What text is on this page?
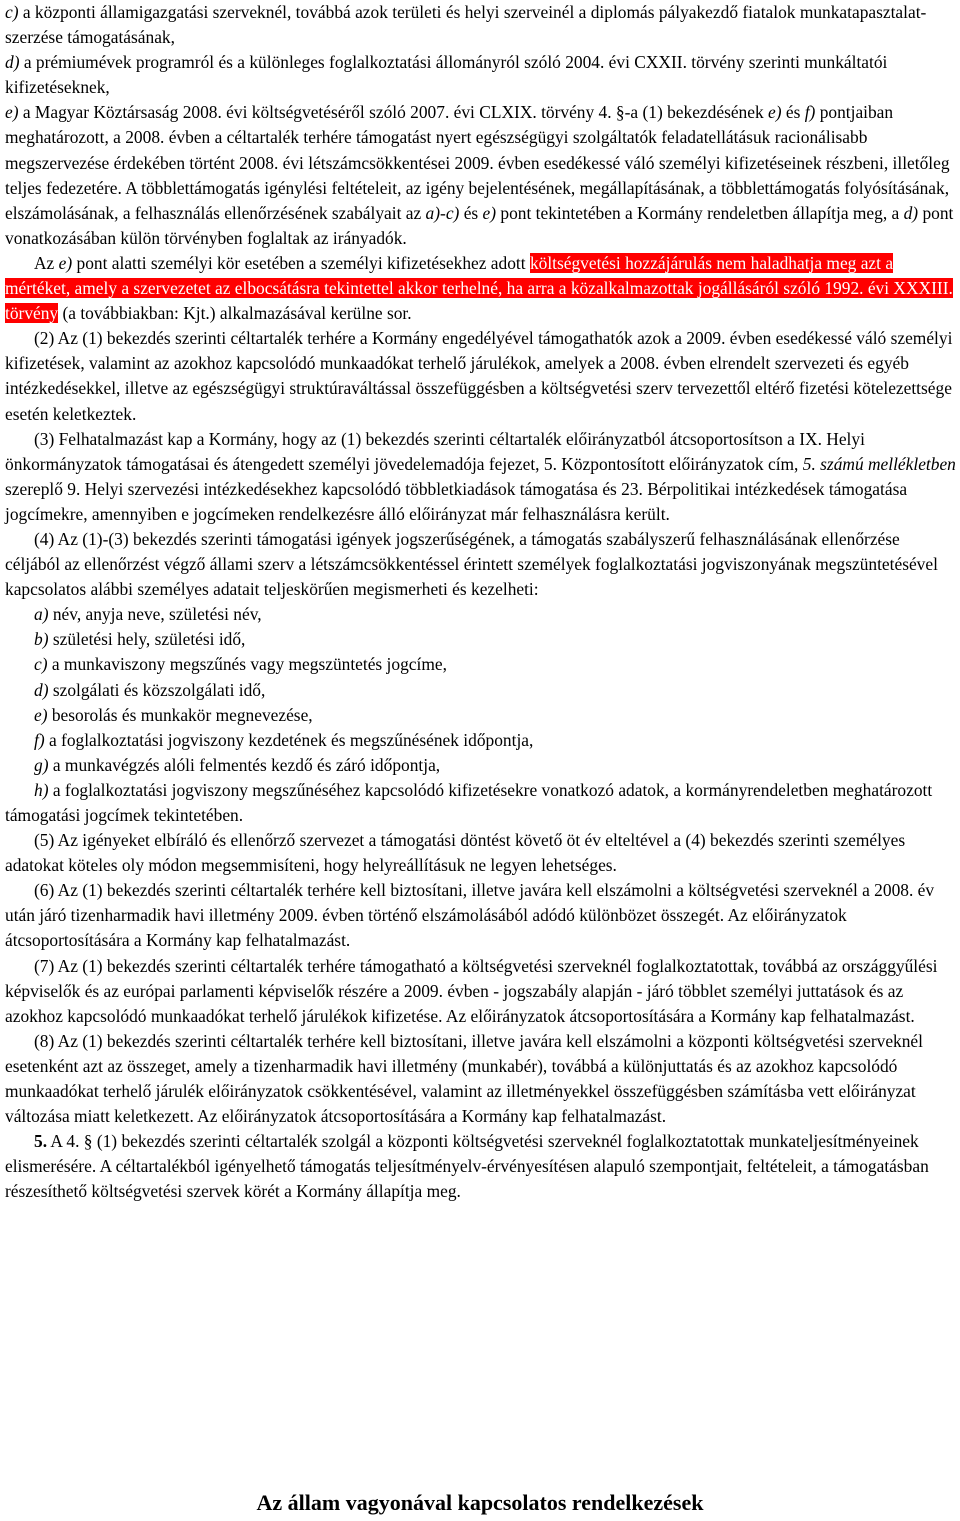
c) a központi államigazgatási szerveknél, továbbá azok területi és helyi szerveinél a diplomás pályakezdő fiatalok munkatapasztalat-szerzése támogatásának,

d) a prémiumévek programról és a különleges foglalkoztatási állományról szóló 2004. évi CXXII. törvény szerinti munkáltatói kifizetéseknek,

e) a Magyar Köztársaság 2008. évi költségvetéséről szóló 2007. évi CLXIX. törvény 4. §-a (1) bekezdésének e) és f) pontjaiban meghatározott, a 2008. évben a céltartalék terhére támogatást nyert egészségügyi szolgáltatók feladatellátásuk racionálisabb megszervezése érdekében történt 2008. évi létszámcsökkentései 2009. évben esedékessé váló személyi kifizetéseinek részbeni, illetőleg teljes fedezetére. A többlettámogatás igénylési feltételeit, az igény bejelentésének, megállapításának, a többlettámogatás folyósításának, elszámolásának, a felhasználás ellenőrzésének szabályait az a)-c) és e) pont tekintetében a Kormány rendeletben állapítja meg, a d) pont vonatkozásában külön törvényben foglaltak az irányadók.

Az e) pont alatti személyi kör esetében a személyi kifizetésekhez adott költségvetési hozzájárulás nem haladhatja meg azt a mértéket, amely a szervezetet az elbocsátásra tekintettel akkor terhelné, ha arra a közalkalmazottak jogállásáról szóló 1992. évi XXXIII. törvény (a továbbiakban: Kjt.) alkalmazásával kerülne sor.

(2) Az (1) bekezdés szerinti céltartalék terhére a Kormány engedélyével támogathatók azok a 2009. évben esedékessé váló személyi kifizetések, valamint az azokhoz kapcsolódó munkaadókat terhelő járulékok, amelyek a 2008. évben elrendelt szervezeti és egyéb intézkedésekkel, illetve az egészségügyi struktúraváltással összefüggésben a költségvetési szerv tervezettől eltérő fizetési kötelezettsége esetén keletkeztek.

(3) Felhatalmazást kap a Kormány, hogy az (1) bekezdés szerinti céltartalék előirányzatból átcsoportosítson a IX. Helyi önkormányzatok támogatásai és átengedett személyi jövedelemadója fejezet, 5. Központosított előirányzatok cím, 5. számú mellékletben szereplő 9. Helyi szervezési intézkedésekhez kapcsolódó többletkiadások támogatása és 23. Bérpolitikai intézkedések támogatása jogcímekre, amennyiben e jogcímeken rendelkezésre álló előirányzat már felhasználásra került.

(4) Az (1)-(3) bekezdés szerinti támogatási igények jogszerűségének, a támogatás szabályszerű felhasználásának ellenőrzése céljából az ellenőrzést végző állami szerv a létszámcsökkentéssel érintett személyek foglalkoztatási jogviszonyának megszüntetésével kapcsolatos alábbi személyes adatait teljeskörűen megismerheti és kezelheti:

a) név, anyja neve, születési név,

b) születési hely, születési idő,

c) a munkaviszony megszűnés vagy megszüntetés jogcíme,

d) szolgálati és közszolgálati idő,

e) besorolás és munkakör megnevezése,

f) a foglalkoztatási jogviszony kezdetének és megszűnésének időpontja,

g) a munkavégzés alóli felmentés kezdő és záró időpontja,

h) a foglalkoztatási jogviszony megszűnéséhez kapcsolódó kifizetésekre vonatkozó adatok, a kormányrendeletben meghatározott támogatási jogcímek tekintetében.

(5) Az igényeket elbíráló és ellenőrző szervezet a támogatási döntést követő öt év elteltével a (4) bekezdés szerinti személyes adatokat köteles oly módon megsemmisíteni, hogy helyreállításuk ne legyen lehetséges.

(6) Az (1) bekezdés szerinti céltartalék terhére kell biztosítani, illetve javára kell elszámolni a költségvetési szerveknél a 2008. év után járó tizenharmadik havi illetmény 2009. évben történő elszámolásából adódó különbözet összegét. Az előirányzatok átcsoportosítására a Kormány kap felhatalmazást.

(7) Az (1) bekezdés szerinti céltartalék terhére támogatható a költségvetési szerveknél foglalkoztatottak, továbbá az országgyűlési képviselők és az európai parlamenti képviselők részére a 2009. évben - jogszabály alapján - járó többlet személyi juttatások és az azokhoz kapcsolódó munkaadókat terhelő járulékok kifizetése. Az előirányzatok átcsoportosítására a Kormány kap felhatalmazást.

(8) Az (1) bekezdés szerinti céltartalék terhére kell biztosítani, illetve javára kell elszámolni a központi költségvetési szerveknél esetenként azt az összeget, amely a tizenharmadik havi illetmény (munkabér), továbbá a különjuttatás és az azokhoz kapcsolódó munkaadókat terhelő járulék előirányzatok csökkentésével, valamint az illetményekkel összefüggésben számításba vett előirányzat változása miatt keletkezett. Az előirányzatok átcsoportosítására a Kormány kap felhatalmazást.

5. A 4. § (1) bekezdés szerinti céltartalék szolgál a központi költségvetési szerveknél foglalkoztatottak munkateljesítményeinek elismerésére. A céltartalékból igényelhető támogatás teljesítményelv-érvényesítésen alapuló szempontjait, feltételeit, a támogatásban részesíthető költségvetési szervek körét a Kormány állapítja meg.

Az állam vagyonával kapcsolatos rendelkezések
